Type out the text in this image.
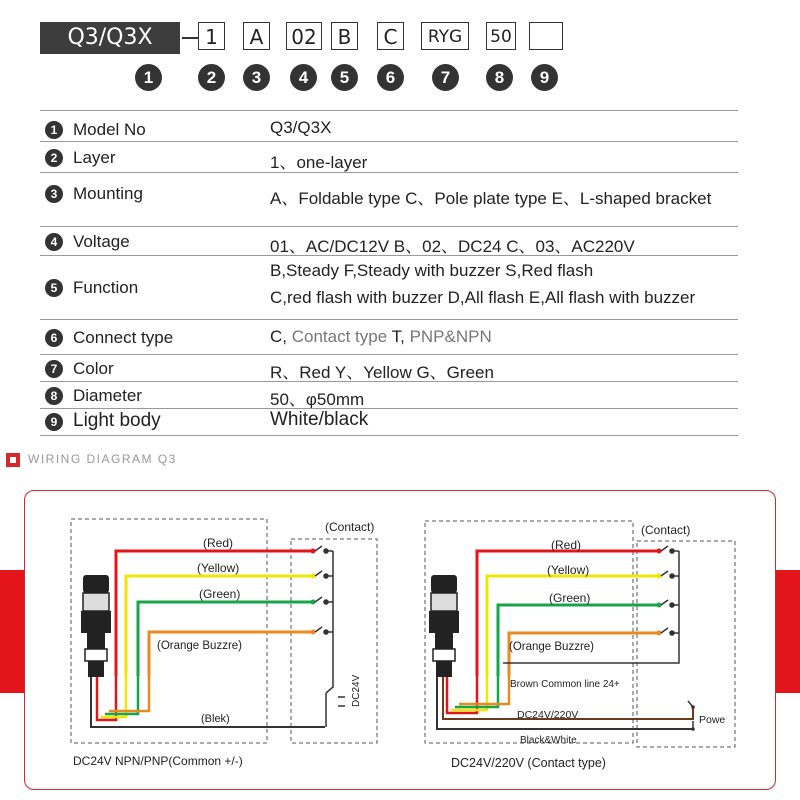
Q3/Q3X	1	A	02	B	C	RYG	50
1	2	3	4	5	6	7	8	9
1 Model No	Q3/Q3X
2 Layer	1、one-layer
3 Mounting	A、Foldable type C、Pole plate type E、L-shaped bracket
4 Voltage	01、AC/DC12V B、02、DC24 C、03、AC220V
5 Function
B,Steady F,Steady with buzzer S,Red flash
C,red flash with buzzer D,All flash E,All flash with buzzer
6 Connect type	C, Contact type T, PNP&NPN
7 Color	R、Red Y、Yellow G、Green
8 Diameter	50、φ50mm
9 Light body	White/black
WIRING DIAGRAM Q3
(Contact)
(Red)
(Yellow)
(Green)
(Orange Buzzre)
(Blek)
DC24V
DC24V NPN/PNP(Common +/-)
(Contact)
(Red)
(Yellow)
(Green)
(Orange Buzzre)
Brown Common line 24+
DC24V/220V
Black&White
Powe
DC24V/220V (Contact type)
